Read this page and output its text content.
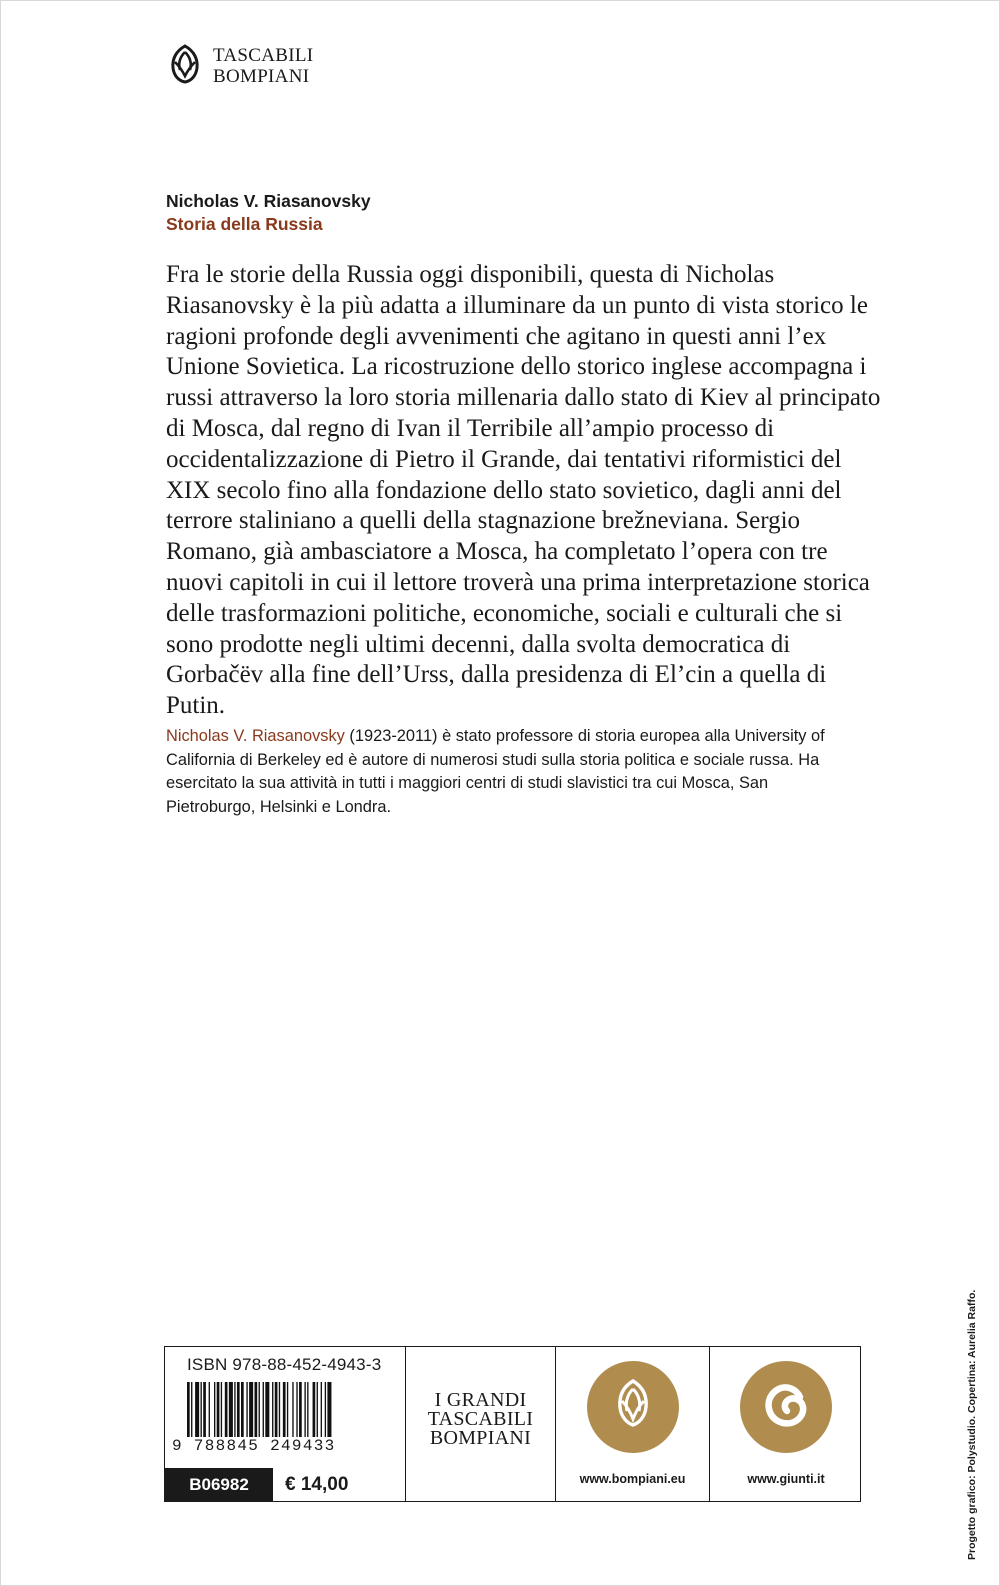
TASCABILI
BOMPIANI
Nicholas V. Riasanovsky
Storia della Russia

Fra le storie della Russia oggi disponibili, questa di Nicholas Riasanovsky è la più adatta a illuminare da un punto di vista storico le ragioni profonde degli avvenimenti che agitano in questi anni l’ex Unione Sovietica. La ricostruzione dello storico inglese accompagna i russi attraverso la loro storia millenaria dallo stato di Kiev al principato di Mosca, dal regno di Ivan il Terribile all’ampio processo di occidentalizzazione di Pietro il Grande, dai tentativi riformistici del XIX secolo fino alla fondazione dello stato sovietico, dagli anni del terrore staliniano a quelli della stagnazione brežneviana. Sergio Romano, già ambasciatore a Mosca, ha completato l’opera con tre nuovi capitoli in cui il lettore troverà una prima interpretazione storica delle trasformazioni politiche, economiche, sociali e culturali che si sono prodotte negli ultimi decenni, dalla svolta democratica di Gorbačëv alla fine dell’Urss, dalla presidenza di El’cin a quella di Putin.

Nicholas V. Riasanovsky (1923-2011) è stato professore di storia europea alla University of California di Berkeley ed è autore di numerosi studi sulla storia politica e sociale russa. Ha esercitato la sua attività in tutti i maggiori centri di studi slavistici tra cui Mosca, San Pietroburgo, Helsinki e Londra.

Progetto grafico: Polystudio. Copertina: Aurelia Raffo.
ISBN 978-88-452-4943-3
9 788845 249433
B06982	€ 14,00
I GRANDI
TASCABILI
BOMPIANI
www.bompiani.eu	www.giunti.it
